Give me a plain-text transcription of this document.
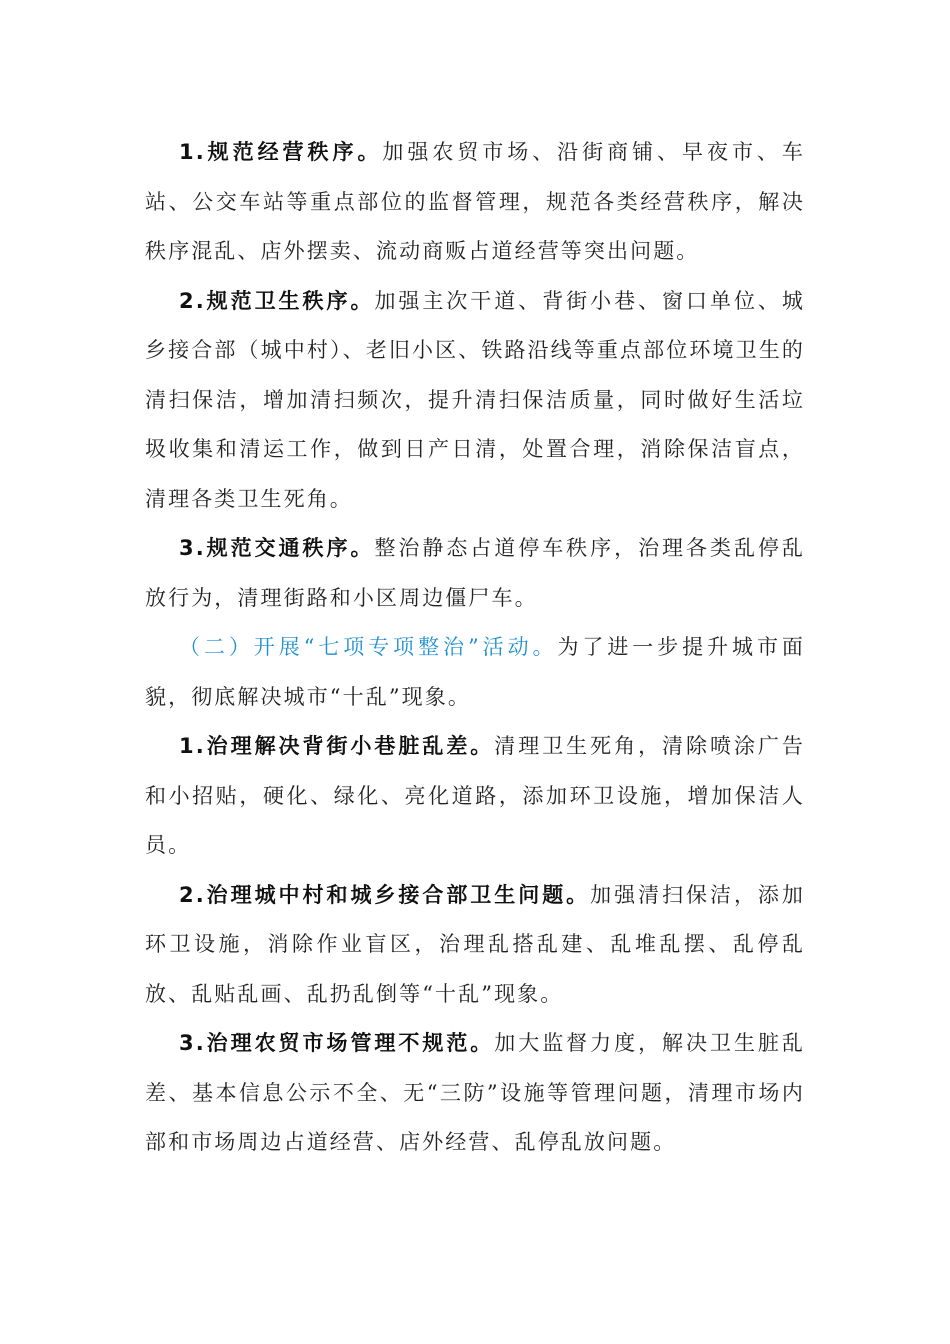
1.规范经营秩序。加强农贸市场、沿街商铺、早夜市、车站、公交车站等重点部位的监督管理，规范各类经营秩序，解决秩序混乱、店外摆卖、流动商贩占道经营等突出问题。

2.规范卫生秩序。加强主次干道、背街小巷、窗口单位、城乡接合部（城中村）、老旧小区、铁路沿线等重点部位环境卫生的清扫保洁，增加清扫频次，提升清扫保洁质量，同时做好生活垃圾收集和清运工作，做到日产日清，处置合理，消除保洁盲点，清理各类卫生死角。

3.规范交通秩序。整治静态占道停车秩序，治理各类乱停乱放行为，清理街路和小区周边僵尸车。

（二）开展“七项专项整治”活动。为了进一步提升城市面貌，彻底解决城市“十乱”现象。

1.治理解决背街小巷脏乱差。清理卫生死角，清除喷涂广告和小招贴，硬化、绿化、亮化道路，添加环卫设施，增加保洁人员。

2.治理城中村和城乡接合部卫生问题。加强清扫保洁，添加环卫设施，消除作业盲区，治理乱搭乱建、乱堆乱摆、乱停乱放、乱贴乱画、乱扔乱倒等“十乱”现象。

3.治理农贸市场管理不规范。加大监督力度，解决卫生脏乱差、基本信息公示不全、无“三防”设施等管理问题，清理市场内部和市场周边占道经营、店外经营、乱停乱放问题。
